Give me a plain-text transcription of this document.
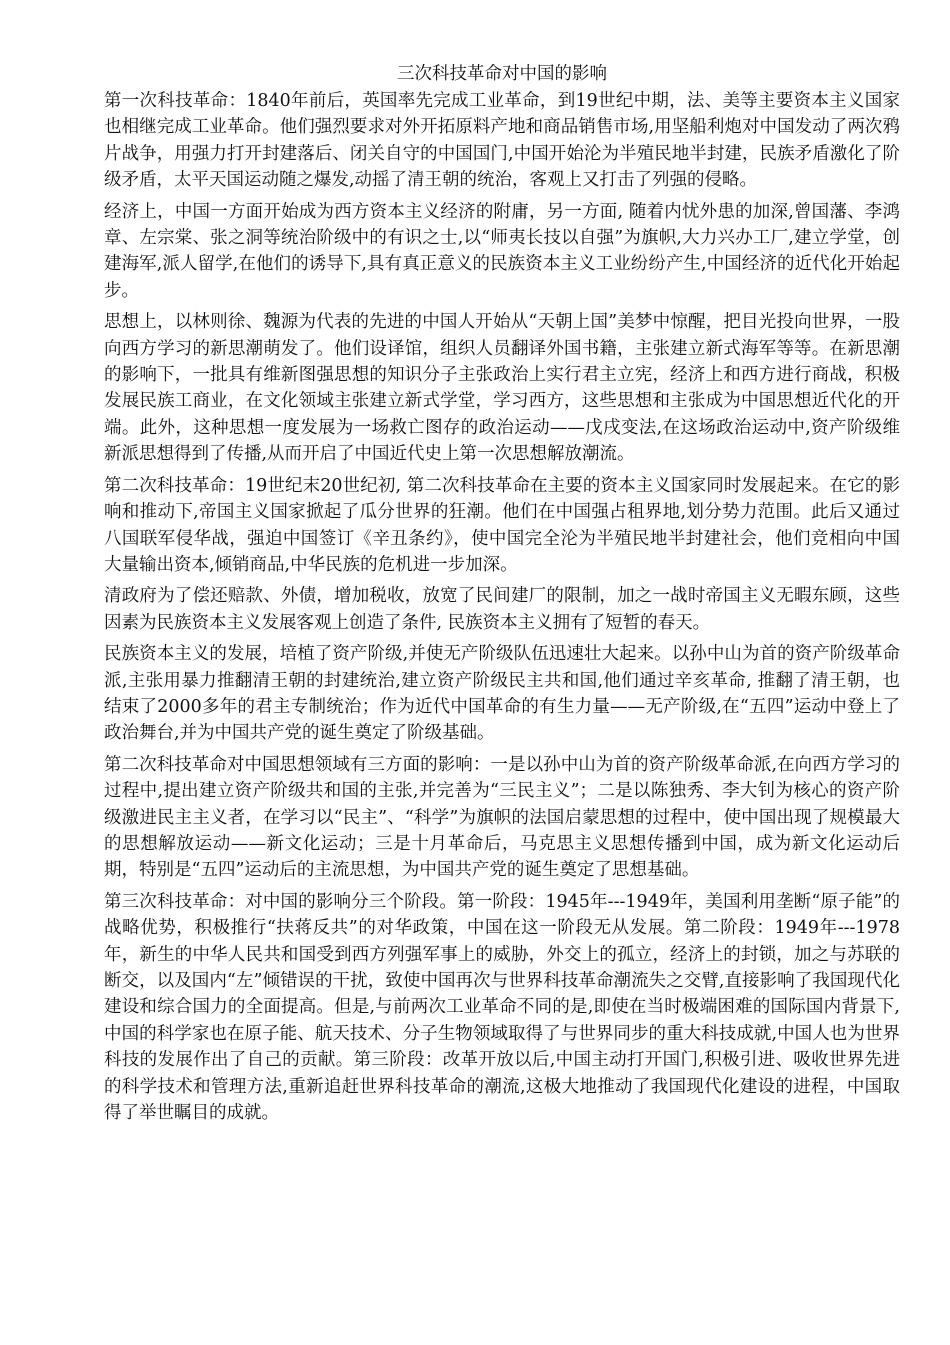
三次科技革命对中国的影响

第一次科技革命：1840年前后，英国率先完成工业革命，到19世纪中期，法、美等主要资本主义国家也相继完成工业革命。他们强烈要求对外开拓原料产地和商品销售市场,用坚船利炮对中国发动了两次鸦片战争，用强力打开封建落后、闭关自守的中国国门,中国开始沦为半殖民地半封建，民族矛盾激化了阶级矛盾，太平天国运动随之爆发,动摇了清王朝的统治，客观上又打击了列强的侵略。

经济上，中国一方面开始成为西方资本主义经济的附庸，另一方面, 随着内忧外患的加深,曾国藩、李鸿章、左宗棠、张之洞等统治阶级中的有识之士,以“师夷长技以自强”为旗帜,大力兴办工厂,建立学堂，创建海军,派人留学,在他们的诱导下,具有真正意义的民族资本主义工业纷纷产生,中国经济的近代化开始起步。

思想上，以林则徐、魏源为代表的先进的中国人开始从“天朝上国”美梦中惊醒，把目光投向世界，一股向西方学习的新思潮萌发了。他们设译馆，组织人员翻译外国书籍，主张建立新式海军等等。在新思潮的影响下，一批具有维新图强思想的知识分子主张政治上实行君主立宪，经济上和西方进行商战，积极发展民族工商业，在文化领域主张建立新式学堂，学习西方，这些思想和主张成为中国思想近代化的开端。此外，这种思想一度发展为一场救亡图存的政治运动——戊戌变法,在这场政治运动中,资产阶级维新派思想得到了传播,从而开启了中国近代史上第一次思想解放潮流。

第二次科技革命：19世纪末20世纪初, 第二次科技革命在主要的资本主义国家同时发展起来。在它的影响和推动下,帝国主义国家掀起了瓜分世界的狂潮。他们在中国强占租界地,划分势力范围。此后又通过八国联军侵华战，强迫中国签订《辛丑条约》，使中国完全沦为半殖民地半封建社会，他们竞相向中国大量输出资本,倾销商品,中华民族的危机进一步加深。

清政府为了偿还赔款、外债，增加税收，放宽了民间建厂的限制，加之一战时帝国主义无暇东顾，这些因素为民族资本主义发展客观上创造了条件, 民族资本主义拥有了短暂的春天。

民族资本主义的发展，培植了资产阶级,并使无产阶级队伍迅速壮大起来。以孙中山为首的资产阶级革命派,主张用暴力推翻清王朝的封建统治,建立资产阶级民主共和国,他们通过辛亥革命, 推翻了清王朝，也结束了2000多年的君主专制统治；作为近代中国革命的有生力量——无产阶级,在“五四”运动中登上了政治舞台,并为中国共产党的诞生奠定了阶级基础。

第二次科技革命对中国思想领域有三方面的影响：一是以孙中山为首的资产阶级革命派,在向西方学习的过程中,提出建立资产阶级共和国的主张,并完善为“三民主义”；二是以陈独秀、李大钊为核心的资产阶级激进民主主义者，在学习以“民主”、“科学”为旗帜的法国启蒙思想的过程中，使中国出现了规模最大的思想解放运动——新文化运动；三是十月革命后，马克思主义思想传播到中国，成为新文化运动后期，特别是“五四”运动后的主流思想，为中国共产党的诞生奠定了思想基础。

第三次科技革命：对中国的影响分三个阶段。第一阶段：1945年---1949年，美国利用垄断“原子能”的战略优势，积极推行“扶蒋反共”的对华政策，中国在这一阶段无从发展。第二阶段：1949年---1978年，新生的中华人民共和国受到西方列强军事上的威胁，外交上的孤立，经济上的封锁，加之与苏联的断交，以及国内“左”倾错误的干扰，致使中国再次与世界科技革命潮流失之交臂,直接影响了我国现代化建设和综合国力的全面提高。但是,与前两次工业革命不同的是,即使在当时极端困难的国际国内背景下,中国的科学家也在原子能、航天技术、分子生物领域取得了与世界同步的重大科技成就,中国人也为世界科技的发展作出了自己的贡献。第三阶段：改革开放以后,中国主动打开国门,积极引进、吸收世界先进的科学技术和管理方法,重新追赶世界科技革命的潮流,这极大地推动了我国现代化建设的进程，中国取得了举世瞩目的成就。
